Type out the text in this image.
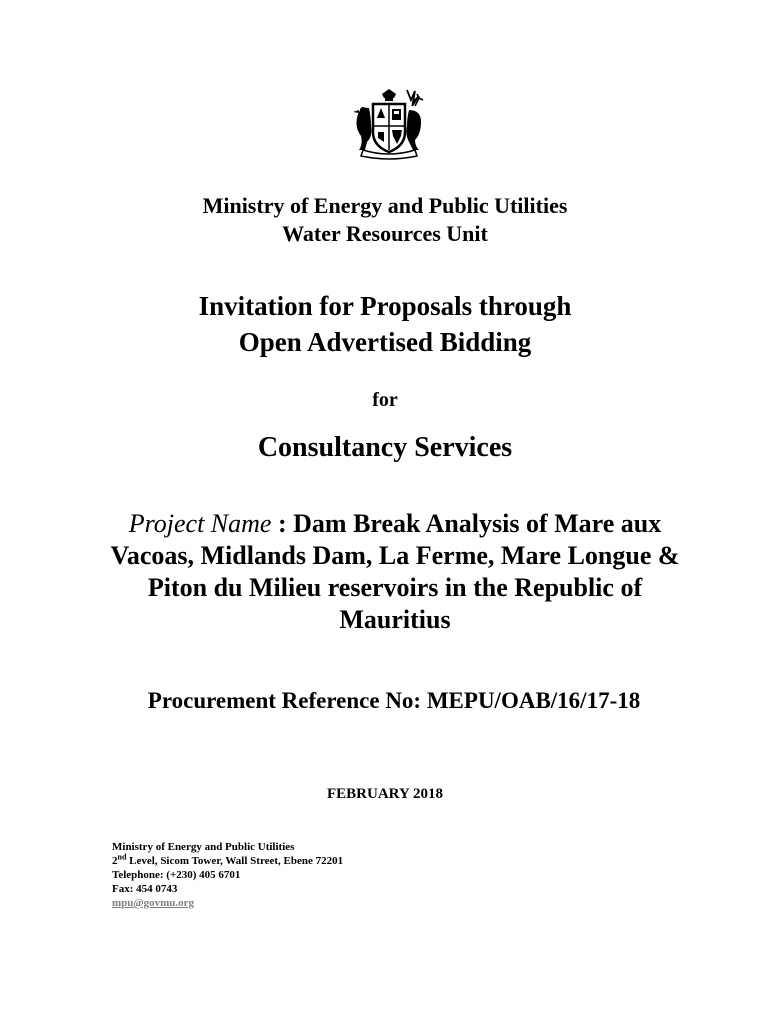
Ministry of Energy and Public Utilities
Water Resources Unit
Invitation for Proposals through
Open Advertised Bidding
for
Consultancy Services
Project Name : Dam Break Analysis of Mare aux Vacoas, Midlands Dam, La Ferme, Mare Longue & Piton du Milieu reservoirs in the Republic of Mauritius
Procurement Reference No: MEPU/OAB/16/17-18
FEBRUARY 2018
Ministry of Energy and Public Utilities
2nd Level, Sicom Tower, Wall Street, Ebene 72201
Telephone: (+230) 405 6701
Fax: 454 0743
mpu@govmu.org
